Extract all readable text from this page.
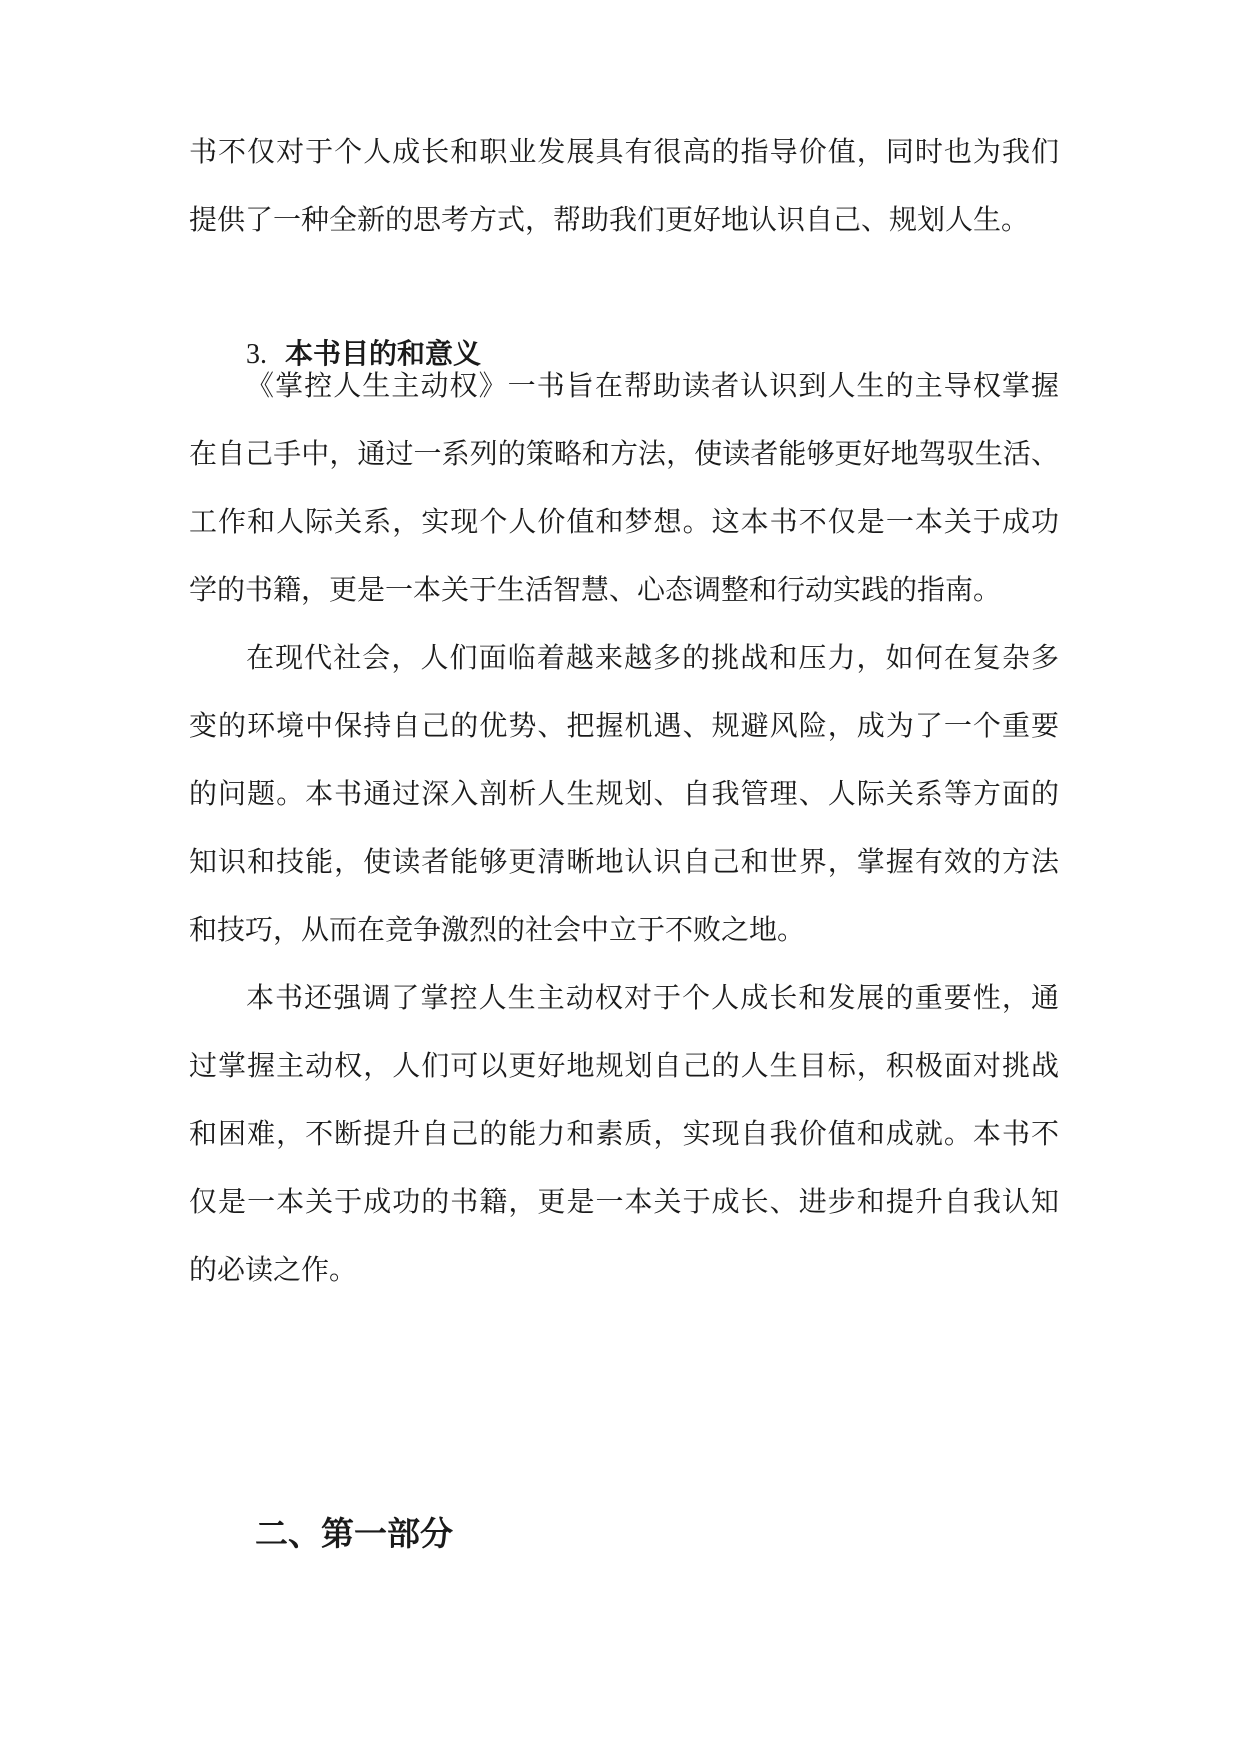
书不仅对于个人成长和职业发展具有很高的指导价值，同时也为我们
提供了一种全新的思考方式，帮助我们更好地认识自己、规划人生。
3. 本书目的和意义
《掌控人生主动权》一书旨在帮助读者认识到人生的主导权掌握
在自己手中，通过一系列的策略和方法，使读者能够更好地驾驭生活、
工作和人际关系，实现个人价值和梦想。这本书不仅是一本关于成功
学的书籍，更是一本关于生活智慧、心态调整和行动实践的指南。
在现代社会，人们面临着越来越多的挑战和压力，如何在复杂多
变的环境中保持自己的优势、把握机遇、规避风险，成为了一个重要
的问题。本书通过深入剖析人生规划、自我管理、人际关系等方面的
知识和技能，使读者能够更清晰地认识自己和世界，掌握有效的方法
和技巧，从而在竞争激烈的社会中立于不败之地。
本书还强调了掌控人生主动权对于个人成长和发展的重要性，通
过掌握主动权，人们可以更好地规划自己的人生目标，积极面对挑战
和困难，不断提升自己的能力和素质，实现自我价值和成就。本书不
仅是一本关于成功的书籍，更是一本关于成长、进步和提升自我认知
的必读之作。
二、第一部分
